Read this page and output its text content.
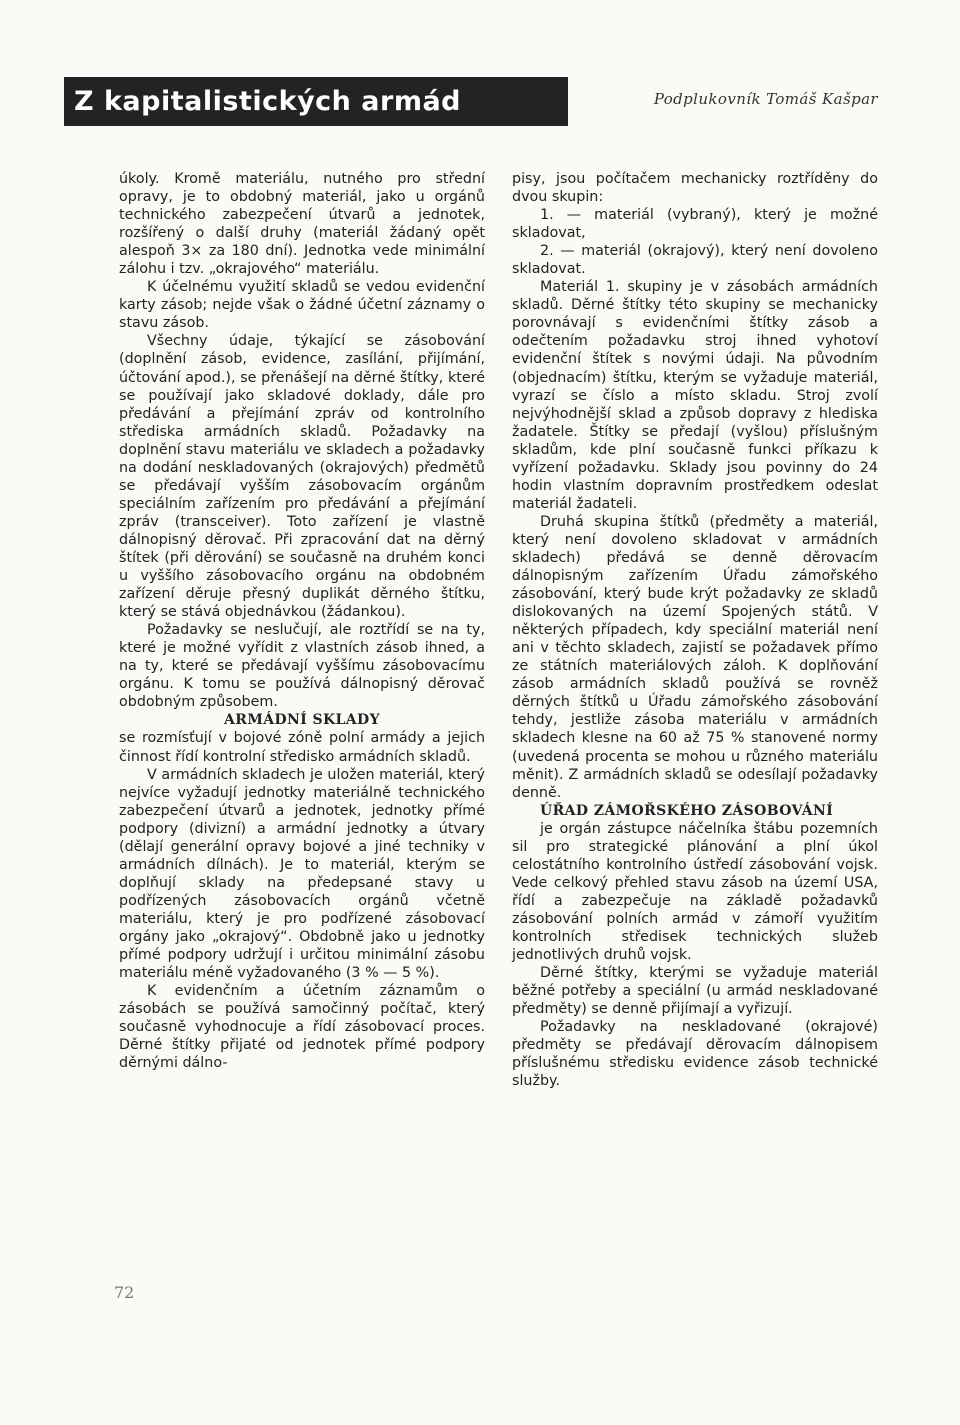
Z kapitalistických armád	Podplukovník Tomáš Kašpar

úkoly. Kromě materiálu, nutného pro střední opravy, je to obdobný materiál, jako u orgánů technického zabezpečení útvarů a jednotek, rozšířený o další druhy (materiál žádaný opět alespoň 3× za 180 dní). Jednotka vede minimální zálohu i tzv. „okrajového“ materiálu.

K účelnému využití skladů se vedou evidenční karty zásob; nejde však o žádné účetní záznamy o stavu zásob.

Všechny údaje, týkající se zásobování (doplnění zásob, evidence, zasílání, přijímání, účtování apod.), se přenášejí na děrné štítky, které se používají jako skladové doklady, dále pro předávání a přejímání zpráv od kontrolního střediska armádních skladů. Požadavky na doplnění stavu materiálu ve skladech a požadavky na dodání neskladovaných (okrajových) předmětů se předávají vyšším zásobovacím orgánům speciálním zařízením pro předávání a přejímání zpráv (transceiver). Toto zařízení je vlastně dálnopisný děrovač. Při zpracování dat na děrný štítek (při děrování) se současně na druhém konci u vyššího zásobovacího orgánu na obdobném zařízení děruje přesný duplikát děrného štítku, který se stává objednávkou (žádankou).

Požadavky se neslučují, ale roztřídí se na ty, které je možné vyřídit z vlastních zásob ihned, a na ty, které se předávají vyššímu zásobovacímu orgánu. K tomu se používá dálnopisný děrovač obdobným způsobem.

ARMÁDNÍ SKLADY

se rozmísťují v bojové zóně polní armády a jejich činnost řídí kontrolní středisko armádních skladů.

V armádních skladech je uložen materiál, který nejvíce vyžadují jednotky materiálně technického zabezpečení útvarů a jednotek, jednotky přímé podpory (divizní) a armádní jednotky a útvary (dělají generální opravy bojové a jiné techniky v armádních dílnách). Je to materiál, kterým se doplňují sklady na předepsané stavy u podřízených zásobovacích orgánů včetně materiálu, který je pro podřízené zásobovací orgány jako „okrajový“. Obdobně jako u jednotky přímé podpory udržují i určitou minimální zásobu materiálu méně vyžadovaného (3 % — 5 %).

K evidenčním a účetním záznamům o zásobách se používá samočinný počítač, který současně vyhodnocuje a řídí zásobovací proces. Děrné štítky přijaté od jednotek přímé podpory děrnými dálno-

pisy, jsou počítačem mechanicky roztříděny do dvou skupin:

1. — materiál (vybraný), který je možné skladovat,

2. — materiál (okrajový), který není dovoleno skladovat.

Materiál 1. skupiny je v zásobách armádních skladů. Děrné štítky této skupiny se mechanicky porovnávají s evidenčními štítky zásob a odečtením požadavku stroj ihned vyhotoví evidenční štítek s novými údaji. Na původním (objednacím) štítku, kterým se vyžaduje materiál, vyrazí se číslo a místo skladu. Stroj zvolí nejvýhodnější sklad a způsob dopravy z hlediska žadatele. Štítky se předají (vyšlou) příslušným skladům, kde plní současně funkci příkazu k vyřízení požadavku. Sklady jsou povinny do 24 hodin vlastním dopravním prostředkem odeslat materiál žadateli.

Druhá skupina štítků (předměty a materiál, který není dovoleno skladovat v armádních skladech) předává se denně děrovacím dálnopisným zařízením Úřadu zámořského zásobování, který bude krýt požadavky ze skladů dislokovaných na území Spojených států. V některých případech, kdy speciální materiál není ani v těchto skladech, zajistí se požadavek přímo ze státních materiálových záloh. K doplňování zásob armádních skladů používá se rovněž děrných štítků u Úřadu zámořského zásobování tehdy, jestliže zásoba materiálu v armádních skladech klesne na 60 až 75 % stanovené normy (uvedená procenta se mohou u různého materiálu měnit). Z armádních skladů se odesílají požadavky denně.

ÚŘAD ZÁMOŘSKÉHO ZÁSOBOVÁNÍ

je orgán zástupce náčelníka štábu pozemních sil pro strategické plánování a plní úkol celostátního kontrolního ústředí zásobování vojsk. Vede celkový přehled stavu zásob na území USA, řídí a zabezpečuje na základě požadavků zásobování polních armád v zámoří využitím kontrolních středisek technických služeb jednotlivých druhů vojsk.

Děrné štítky, kterými se vyžaduje materiál běžné potřeby a speciální (u armád neskladované předměty) se denně přijímají a vyřizují.

Požadavky na neskladované (okrajové) předměty se předávají děrovacím dálnopisem příslušnému středisku evidence zásob technické služby.

72
